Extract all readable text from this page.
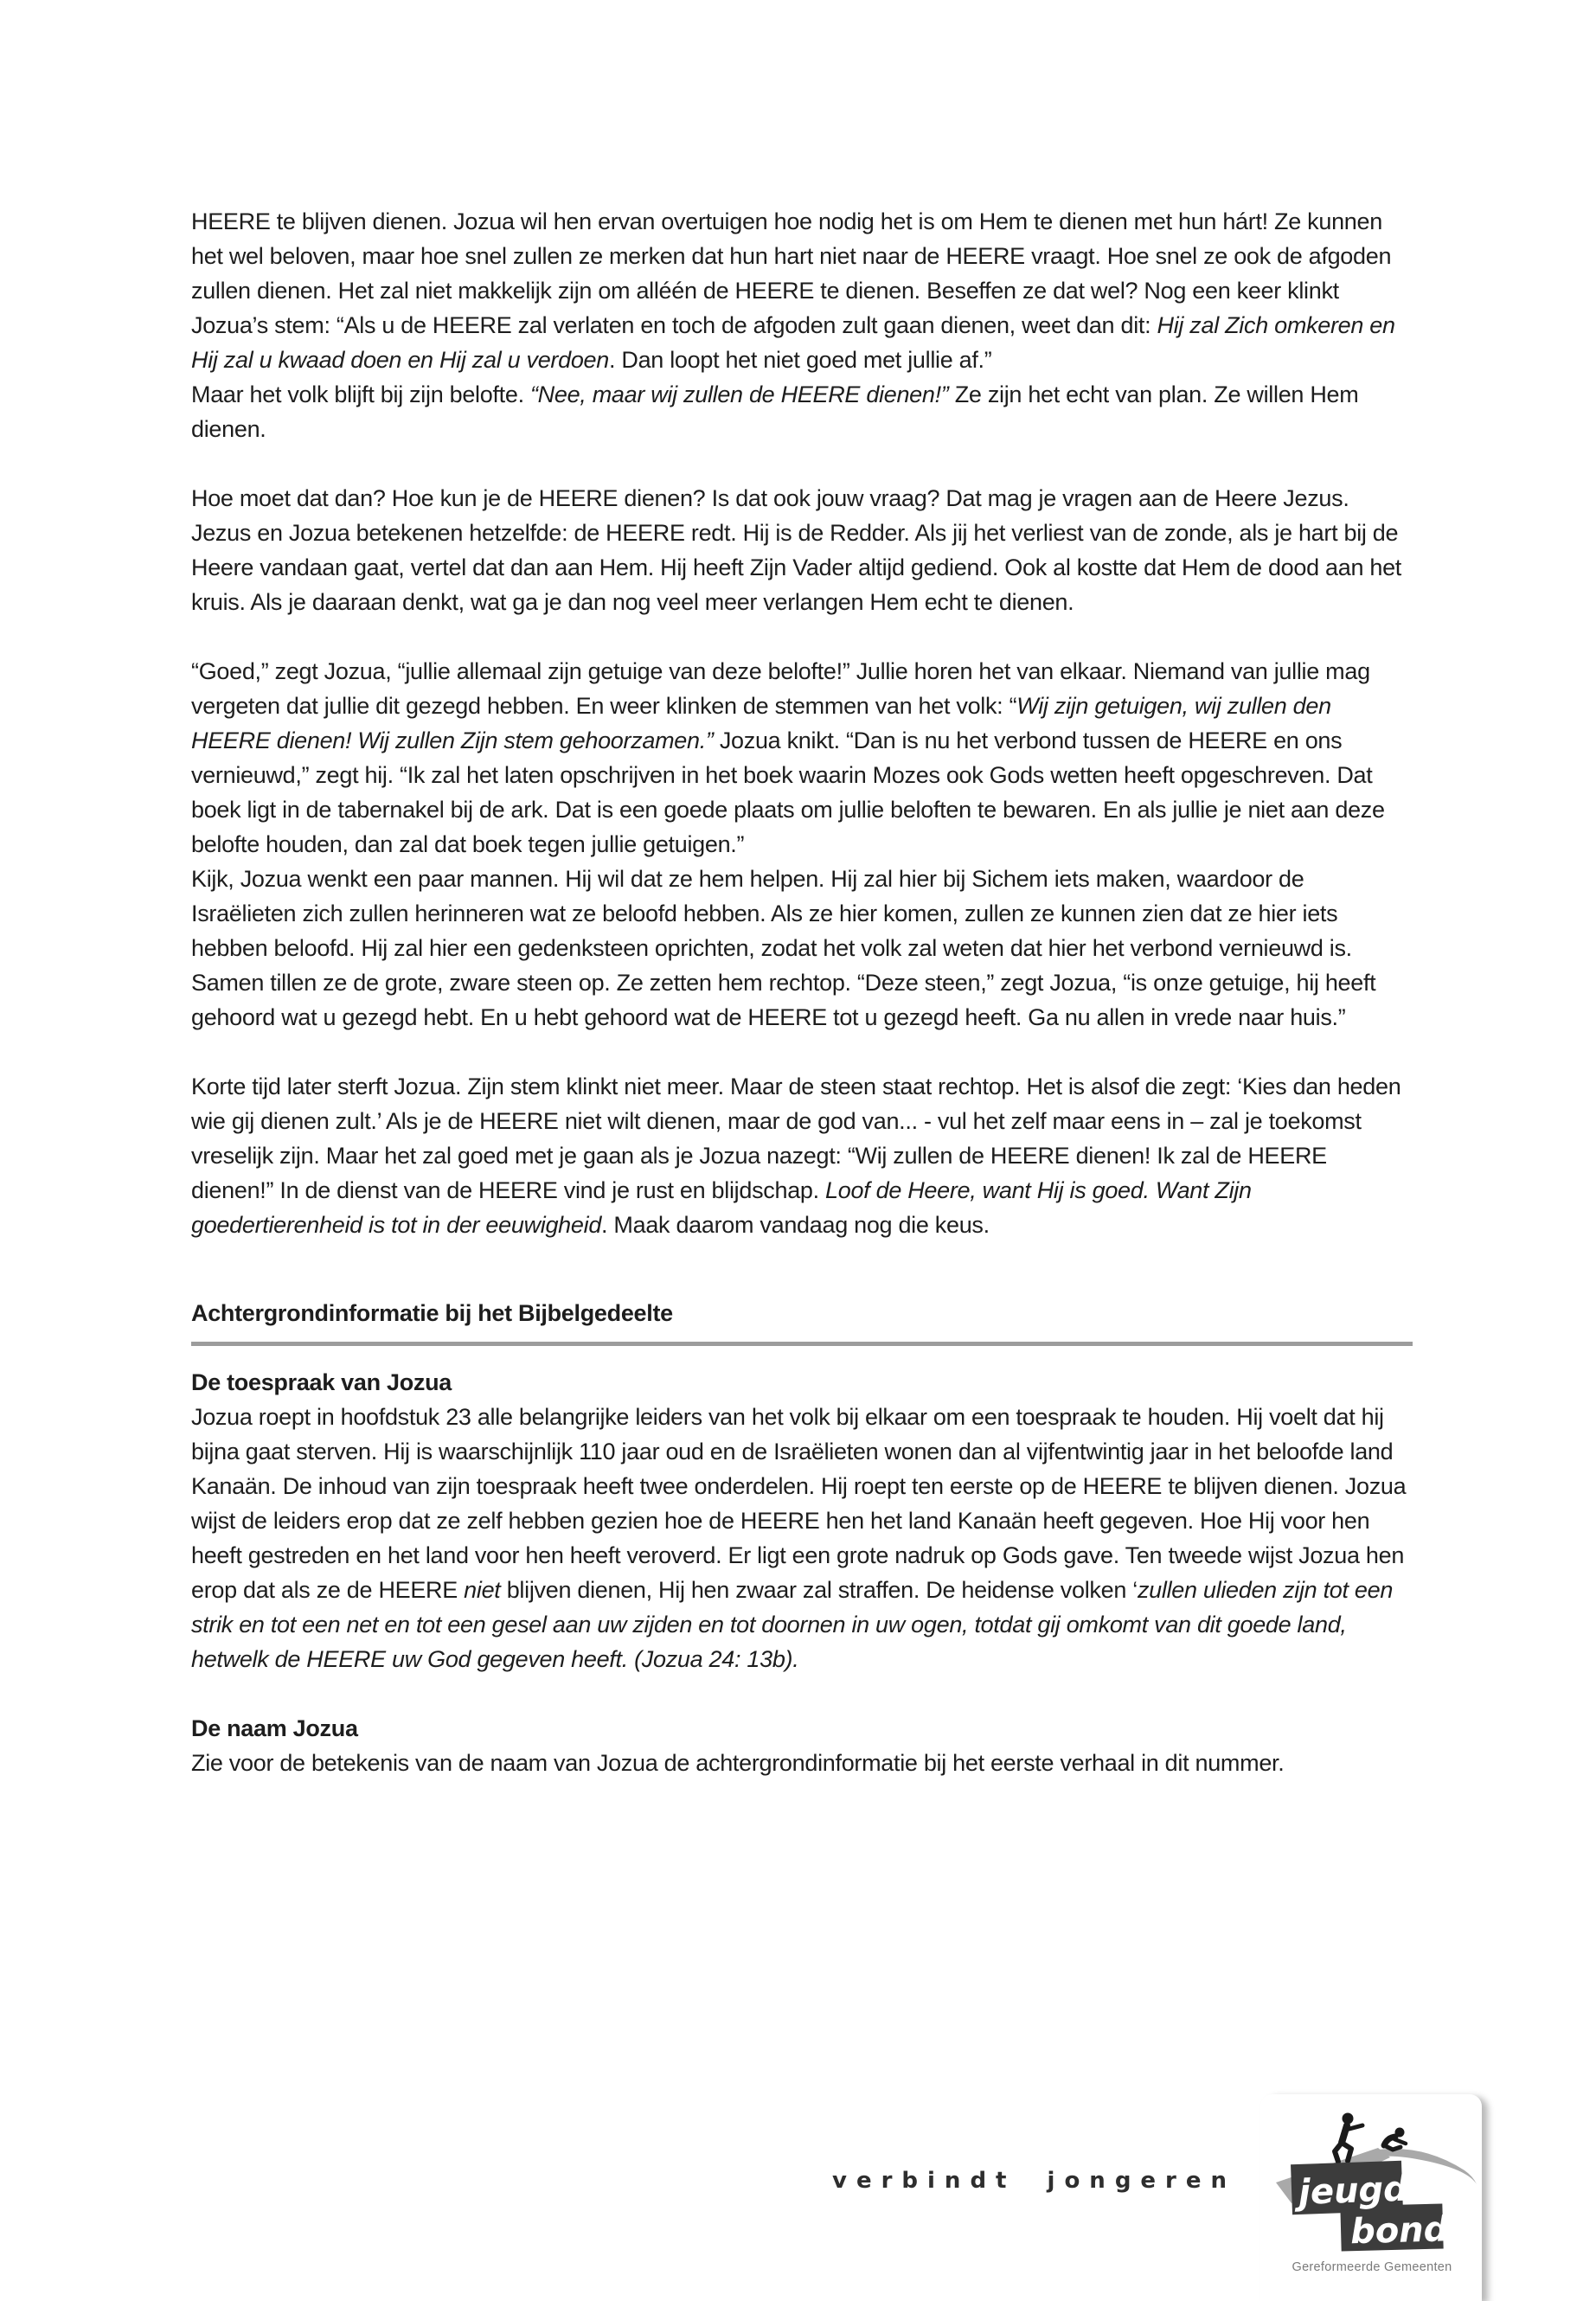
HEERE te blijven dienen. Jozua wil hen ervan overtuigen hoe nodig het is om Hem te dienen met hun hárt! Ze kunnen het wel beloven, maar hoe snel zullen ze merken dat hun hart niet naar de HEERE vraagt. Hoe snel ze ook de afgoden zullen dienen. Het zal niet makkelijk zijn om alléén de HEERE te dienen. Beseffen ze dat wel? Nog een keer klinkt Jozua’s stem: “Als u de HEERE zal verlaten en toch de afgoden zult gaan dienen, weet dan dit: Hij zal Zich omkeren en Hij zal u kwaad doen en Hij zal u verdoen. Dan loopt het niet goed met jullie af.”
Maar het volk blijft bij zijn belofte. “Nee, maar wij zullen de HEERE dienen!” Ze zijn het echt van plan. Ze willen Hem dienen.

Hoe moet dat dan? Hoe kun je de HEERE dienen? Is dat ook jouw vraag? Dat mag je vragen aan de Heere Jezus. Jezus en Jozua betekenen hetzelfde: de HEERE redt. Hij is de Redder. Als jij het verliest van de zonde, als je hart bij de Heere vandaan gaat, vertel dat dan aan Hem. Hij heeft Zijn Vader altijd gediend. Ook al kostte dat Hem de dood aan het kruis. Als je daaraan denkt, wat ga je dan nog veel meer verlangen Hem echt te dienen.

“Goed,” zegt Jozua, “jullie allemaal zijn getuige van deze belofte!” Jullie horen het van elkaar. Niemand van jullie mag vergeten dat jullie dit gezegd hebben. En weer klinken de stemmen van het volk: “Wij zijn getuigen, wij zullen den HEERE dienen! Wij zullen Zijn stem gehoorzamen.” Jozua knikt. “Dan is nu het verbond tussen de HEERE en ons vernieuwd,” zegt hij. “Ik zal het laten opschrijven in het boek waarin Mozes ook Gods wetten heeft opgeschreven. Dat boek ligt in de tabernakel bij de ark. Dat is een goede plaats om jullie beloften te bewaren. En als jullie je niet aan deze belofte houden, dan zal dat boek tegen jullie getuigen.”
Kijk, Jozua wenkt een paar mannen. Hij wil dat ze hem helpen. Hij zal hier bij Sichem iets maken, waardoor de Israëlieten zich zullen herinneren wat ze beloofd hebben. Als ze hier komen, zullen ze kunnen zien dat ze hier iets hebben beloofd. Hij zal hier een gedenksteen oprichten, zodat het volk zal weten dat hier het verbond vernieuwd is. Samen tillen ze de grote, zware steen op. Ze zetten hem rechtop. “Deze steen,” zegt Jozua, “is onze getuige, hij heeft gehoord wat u gezegd hebt. En u hebt gehoord wat de HEERE tot u gezegd heeft. Ga nu allen in vrede naar huis.”

Korte tijd later sterft Jozua. Zijn stem klinkt niet meer. Maar de steen staat rechtop. Het is alsof die zegt: ‘Kies dan heden wie gij dienen zult.’ Als je de HEERE niet wilt dienen, maar de god van... - vul het zelf maar eens in – zal je toekomst vreselijk zijn. Maar het zal goed met je gaan als je Jozua nazegt: “Wij zullen de HEERE dienen! Ik zal de HEERE dienen!” In de dienst van de HEERE vind je rust en blijdschap. Loof de Heere, want Hij is goed. Want Zijn goedertierenheid is tot in der eeuwigheid. Maak daarom vandaag nog die keus.

Achtergrondinformatie bij het Bijbelgedeelte
De toespraak van Jozua

Jozua roept in hoofdstuk 23 alle belangrijke leiders van het volk bij elkaar om een toespraak te houden. Hij voelt dat hij bijna gaat sterven. Hij is waarschijnlijk 110 jaar oud en de Israëlieten wonen dan al vijfentwintig jaar in het beloofde land Kanaän. De inhoud van zijn toespraak heeft twee onderdelen. Hij roept ten eerste op de HEERE te blijven dienen. Jozua wijst de leiders erop dat ze zelf hebben gezien hoe de HEERE hen het land Kanaän heeft gegeven. Hoe Hij voor hen heeft gestreden en het land voor hen heeft veroverd. Er ligt een grote nadruk op Gods gave. Ten tweede wijst Jozua hen erop dat als ze de HEERE niet blijven dienen, Hij hen zwaar zal straffen. De heidense volken ‘zullen ulieden zijn tot een strik en tot een net en tot een gesel aan uw zijden en tot doornen in uw ogen, totdat gij omkomt van dit goede land, hetwelk de HEERE uw God gegeven heeft. (Jozua 24: 13b).

De naam Jozua

Zie voor de betekenis van de naam van Jozua de achtergrondinformatie bij het eerste verhaal in dit nummer.

verbindt jongeren jeugd
bond
Gereformeerde Gemeenten
